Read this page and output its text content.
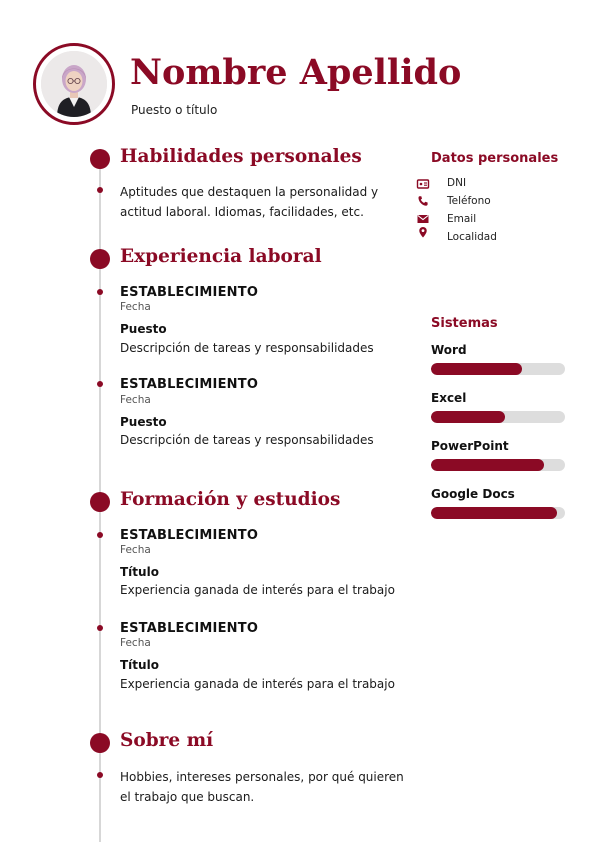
Nombre Apellido
Puesto o título
Habilidades personales
Aptitudes que destaquen la personalidad y actitud laboral. Idiomas, facilidades, etc.
Experiencia laboral
ESTABLECIMIENTO
Fecha
Puesto
Descripción de tareas y responsabilidades
ESTABLECIMIENTO
Fecha
Puesto
Descripción de tareas y responsabilidades
Formación y estudios
ESTABLECIMIENTO
Fecha
Título
Experiencia ganada de interés para el trabajo
ESTABLECIMIENTO
Fecha
Título
Experiencia ganada de interés para el trabajo
Sobre mí
Hobbies, intereses personales, por qué quieren el trabajo que buscan.
Datos personales
DNI
Teléfono
Email
Localidad
Sistemas
Word
Excel
PowerPoint
Google Docs
